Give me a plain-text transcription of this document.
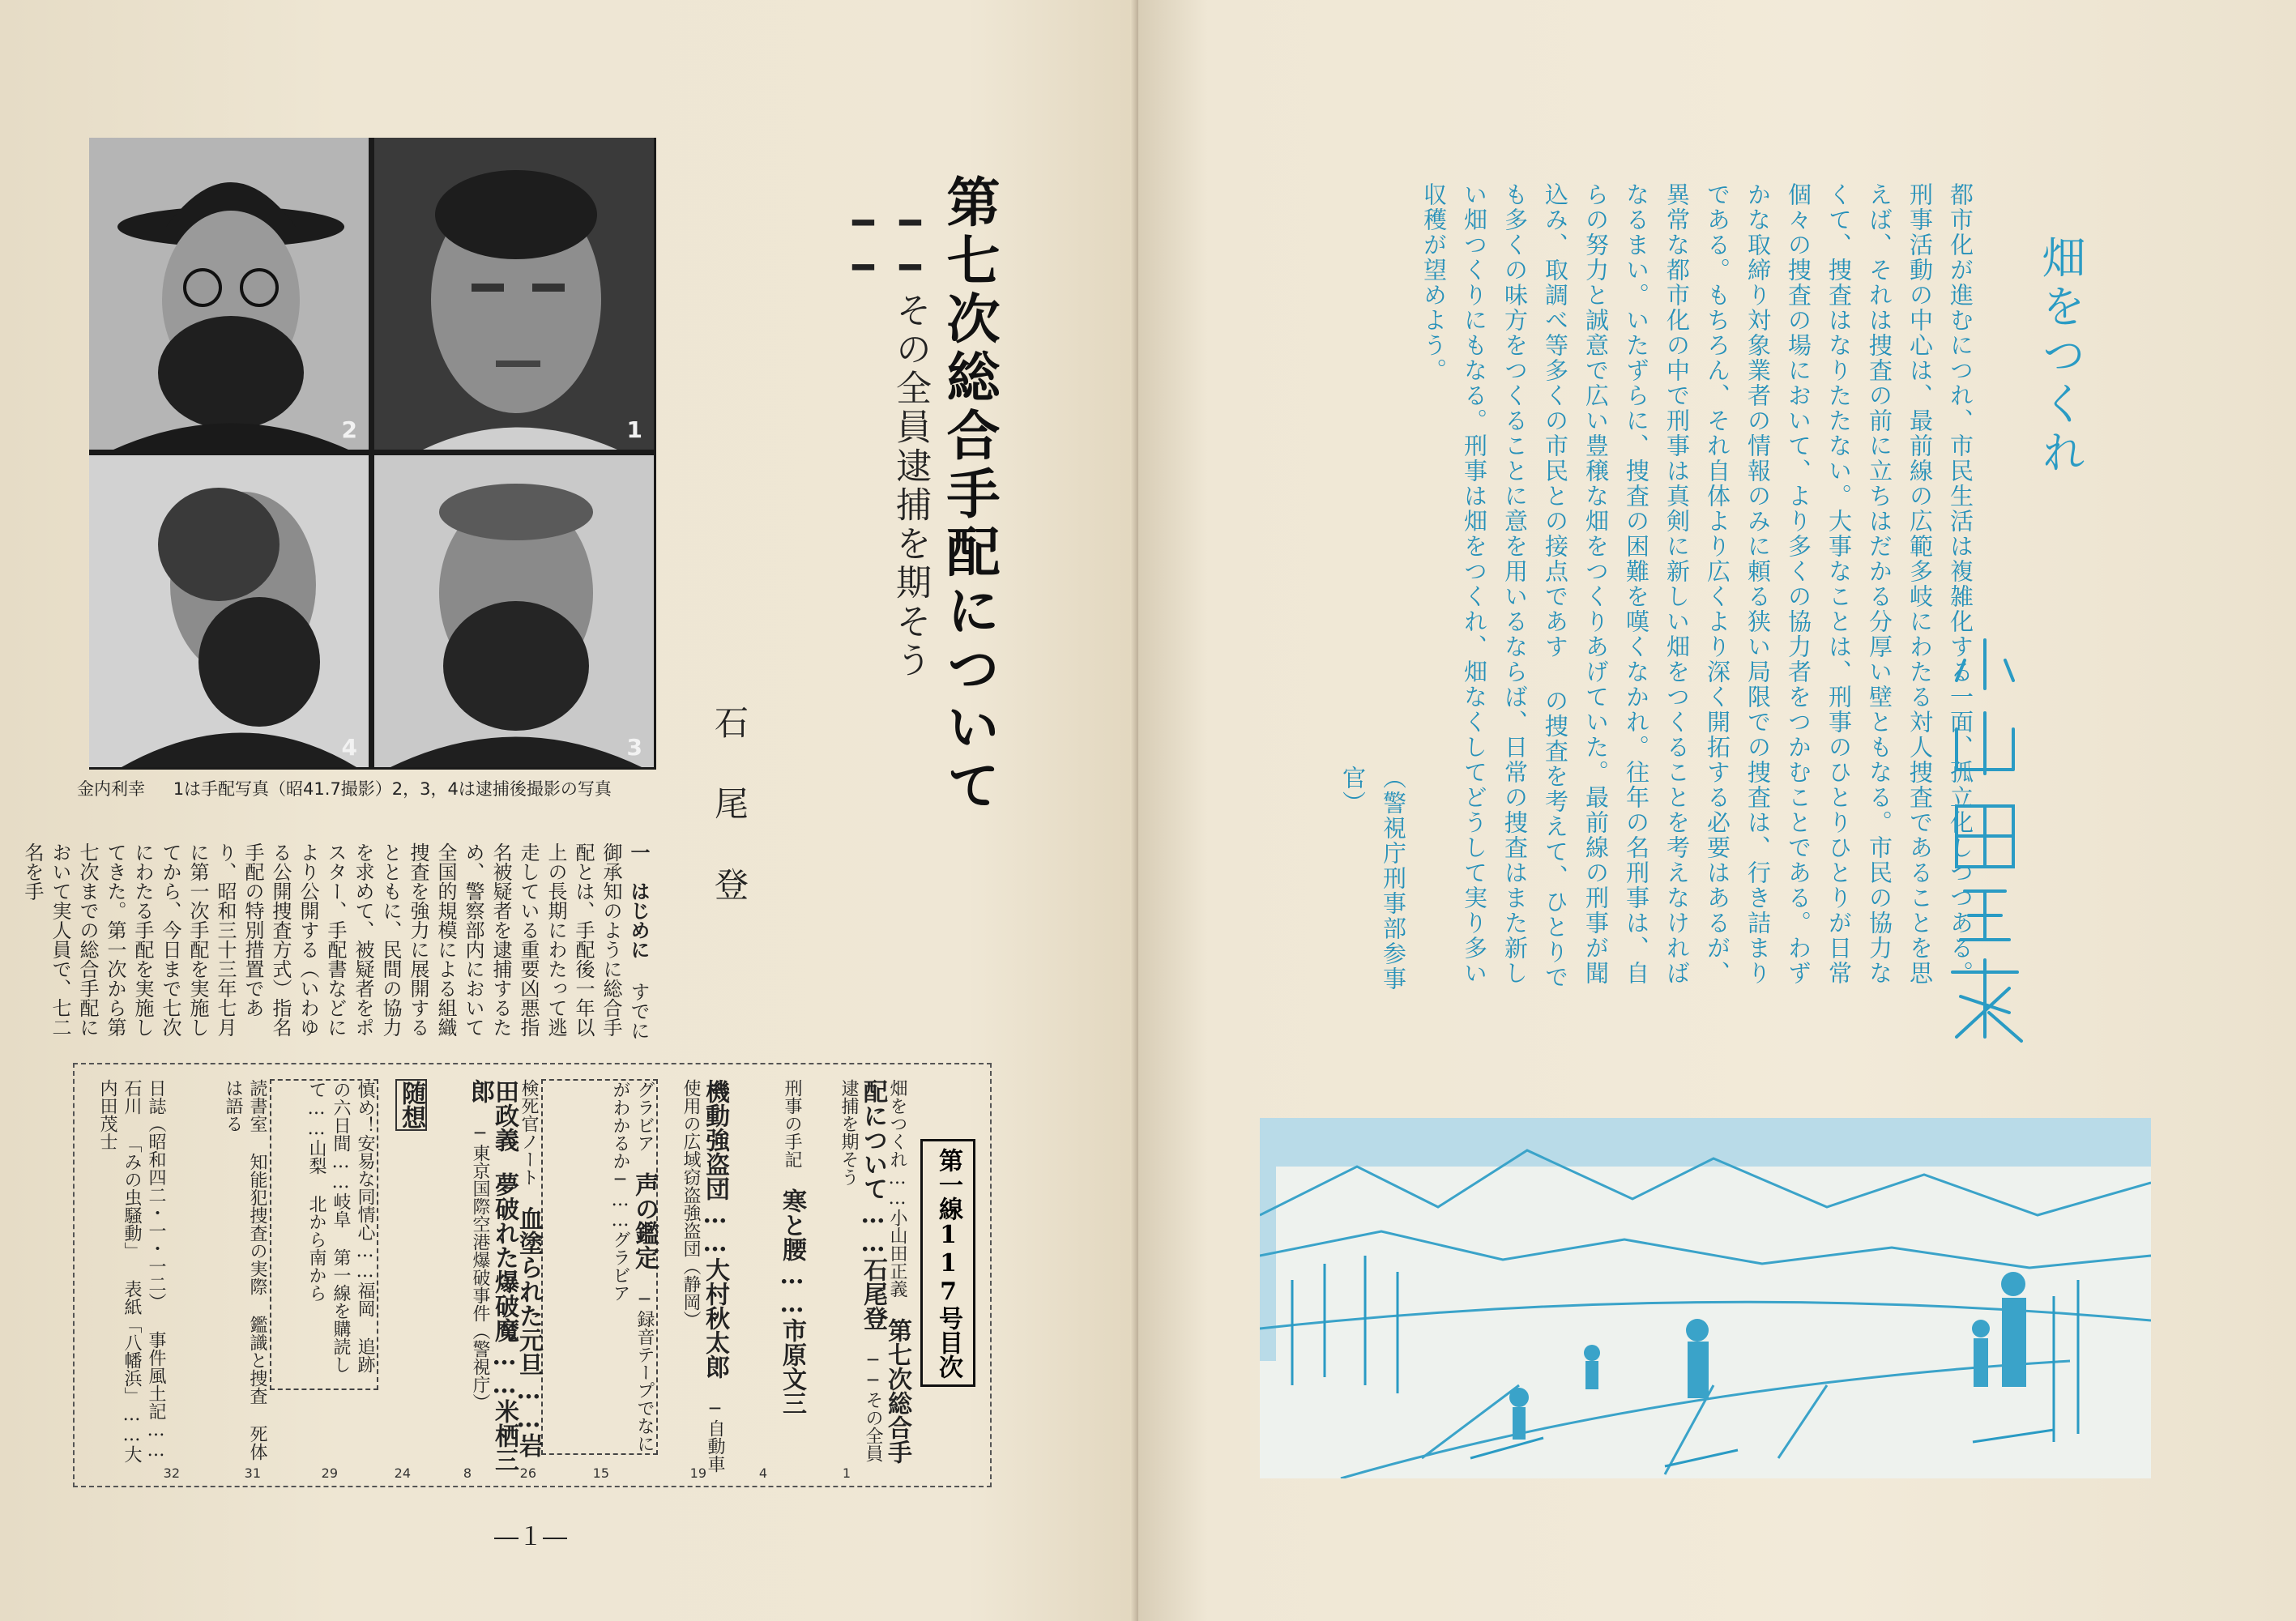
1
2
3
4
金内利幸 1は手配写真（昭41.7撮影）2，3，4は逮捕後撮影の写真	第七次総合手配について
━━その全員逮捕を期そう━━
石尾登
一　はじめに すでに御承知のように総合手配とは、手配後一年以上の長期にわたって逃走している重要凶悪指名被疑者を逮捕するため、警察部内において全国的規模による組織捜査を強力に展開するとともに、民間の協力を求めて、被疑者をポスター、手配書などにより公開する（いわゆる公開捜査方式）指名手配の特別措置であり、昭和三十三年七月に第一次手配を実施してから、今日まで七次にわたる手配を実施してきた。第一次から第七次までの総合手配において実人員で、七二名を手
第一線117号目次
畑をつくれ……小山田正義 第七次総合手配について……石尾登 ──その全員逮捕を期そう
刑事の手記 寒と腰……市原文三
機動強盗団……大村秋太郎 ─自動車使用の広域窃盗強盗団（静岡）
グラビア 声の鑑定 ─録音テープでなにがわかるか─……グラビア
検死官ノート 血塗られた元旦……岩田政義 夢破れた爆破魔……米栖三郎 ─東京国際空港爆破事件（警視庁）
随想
慎め！安易な同情心……福岡 追跡の六日間……岐阜 第一線を購読して……山梨 北から南から
読書室 知能犯捜査の実際 鑑識と捜査 死体は語る
日誌（昭和四二・一・一二） 事件風土記……石川 「みの虫騒動」 表紙「八幡浜」……大内田茂士
1
4
19
15
26
8
24
29
31
32
―１―
畑をつくれ
都市化が進むにつれ、市民生活は複雑化する一面、孤立化しつつある。刑事活動の中心は、最前線の広範多岐にわたる対人捜査であることを思えば、それは捜査の前に立ちはだかる分厚い壁ともなる。市民の協力なくて、捜査はなりたたない。大事なことは、刑事のひとりひとりが日常個々の捜査の場において、より多くの協力者をつかむことである。わずかな取締り対象業者の情報のみに頼る狭い局限での捜査は、行き詰まりである。もちろん、それ自体より広くより深く開拓する必要はあるが、異常な都市化の中で刑事は真剣に新しい畑をつくることを考えなければなるまい。いたずらに、捜査の困難を嘆くなかれ。往年の名刑事は、自らの努力と誠意で広い豊穣な畑をつくりあげていた。最前線の刑事が聞込み、取調べ等多くの市民との接点であす の捜査を考えて、ひとりでも多くの味方をつくることに意を用いるならば、日常の捜査はまた新しい畑つくりにもなる。刑事は畑をつくれ、畑なくしてどうして実り多い収穫が望めよう。
（警視庁刑事部参事官）
